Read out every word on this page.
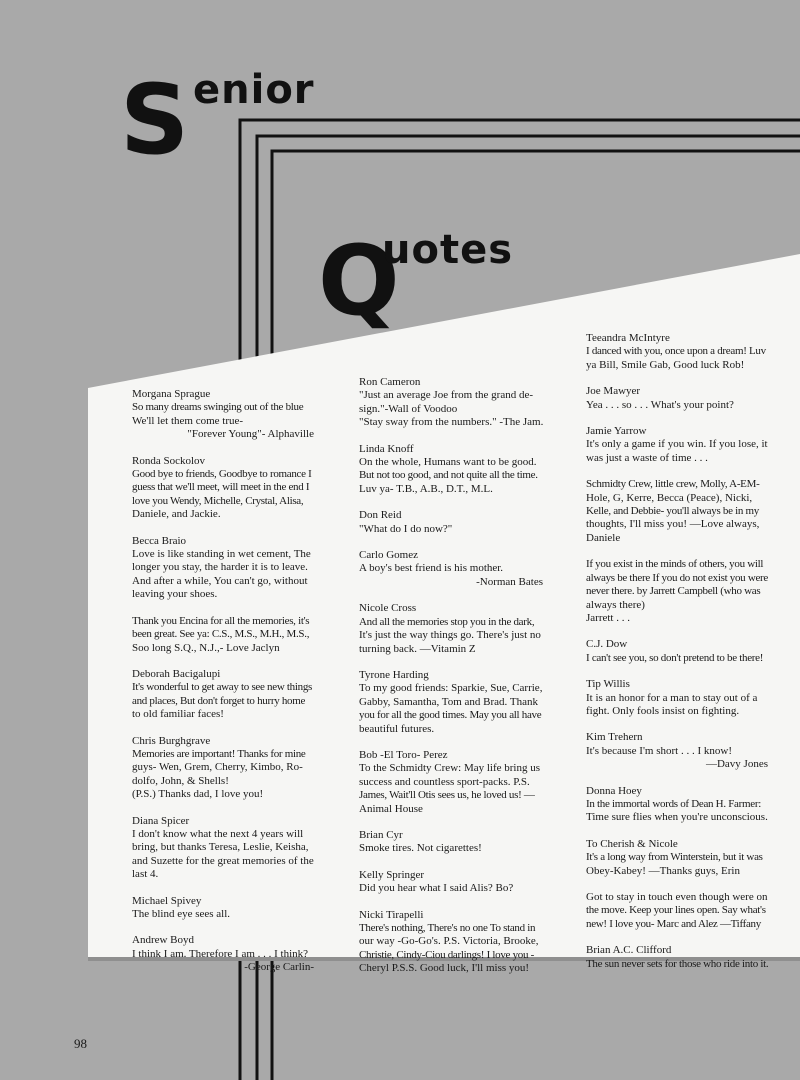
S enior
Q
uotes
Morgana Sprague
So many dreams swinging out of the blue
We'll let them come true-
"Forever Young"- Alphaville
Ronda Sockolov
Good bye to friends, Goodbye to romance I
guess that we'll meet, will meet in the end I
love you Wendy, Michelle, Crystal, Alisa,
Daniele, and Jackie.
Becca Braio
Love is like standing in wet cement, The
longer you stay, the harder it is to leave.
And after a while, You can't go, without
leaving your shoes.
Thank you Encina for all the memories, it's
been great. See ya: C.S., M.S., M.H., M.S.,
Soo long S.Q., N.J.,- Love Jaclyn
Deborah Bacigalupi
It's wonderful to get away to see new things
and places, But don't forget to hurry home
to old familiar faces!
Chris Burghgrave
Memories are important! Thanks for mine
guys- Wen, Grem, Cherry, Kimbo, Ro-
dolfo, John, & Shells!
(P.S.) Thanks dad, I love you!
Diana Spicer
I don't know what the next 4 years will
bring, but thanks Teresa, Leslie, Keisha,
and Suzette for the great memories of the
last 4.
Michael Spivey
The blind eye sees all.
Andrew Boyd
I think I am. Therefore I am . . . I think?
-George Carlin-
Ron Cameron
"Just an average Joe from the grand de-
sign."-Wall of Voodoo
"Stay sway from the numbers." -The Jam.
Linda Knoff
On the whole, Humans want to be good.
But not too good, and not quite all the time.
Luv ya- T.B., A.B., D.T., M.L.
Don Reid
"What do I do now?"
Carlo Gomez
A boy's best friend is his mother.
-Norman Bates
Nicole Cross
And all the memories stop you in the dark,
It's just the way things go. There's just no
turning back. —Vitamin Z
Tyrone Harding
To my good friends: Sparkie, Sue, Carrie,
Gabby, Samantha, Tom and Brad. Thank
you for all the good times. May you all have
beautiful futures.
Bob -El Toro- Perez
To the Schmidty Crew: May life bring us
success and countless sport-packs. P.S.
James, Wait'll Otis sees us, he loved us! —
Animal House
Brian Cyr
Smoke tires. Not cigarettes!
Kelly Springer
Did you hear what I said Alis? Bo?
Nicki Tirapelli
There's nothing, There's no one To stand in
our way -Go-Go's. P.S. Victoria, Brooke,
Christie, Cindy-Ciou darlings! I love you -
Cheryl P.S.S. Good luck, I'll miss you!
Teeandra McIntyre
I danced with you, once upon a dream! Luv
ya Bill, Smile Gab, Good luck Rob!
Joe Mawyer
Yea . . . so . . . What's your point?
Jamie Yarrow
It's only a game if you win. If you lose, it
was just a waste of time . . .
Schmidty Crew, little crew, Molly, A-EM-
Hole, G, Kerre, Becca (Peace), Nicki,
Kelle, and Debbie- you'll always be in my
thoughts, I'll miss you! —Love always,
Daniele
If you exist in the minds of others, you will
always be there If you do not exist you were
never there. by Jarrett Campbell (who was
always there)
Jarrett . . .
C.J. Dow
I can't see you, so don't pretend to be there!
Tip Willis
It is an honor for a man to stay out of a
fight. Only fools insist on fighting.
Kim Trehern
It's because I'm short . . . I know!
—Davy Jones
Donna Hoey
In the immortal words of Dean H. Farmer:
Time sure flies when you're unconscious.
To Cherish & Nicole
It's a long way from Winterstein, but it was
Obey-Kabey! —Thanks guys, Erin
Got to stay in touch even though were on
the move. Keep your lines open. Say what's
new! I love you- Marc and Alez —Tiffany
Brian A.C. Clifford
The sun never sets for those who ride into it.
98
